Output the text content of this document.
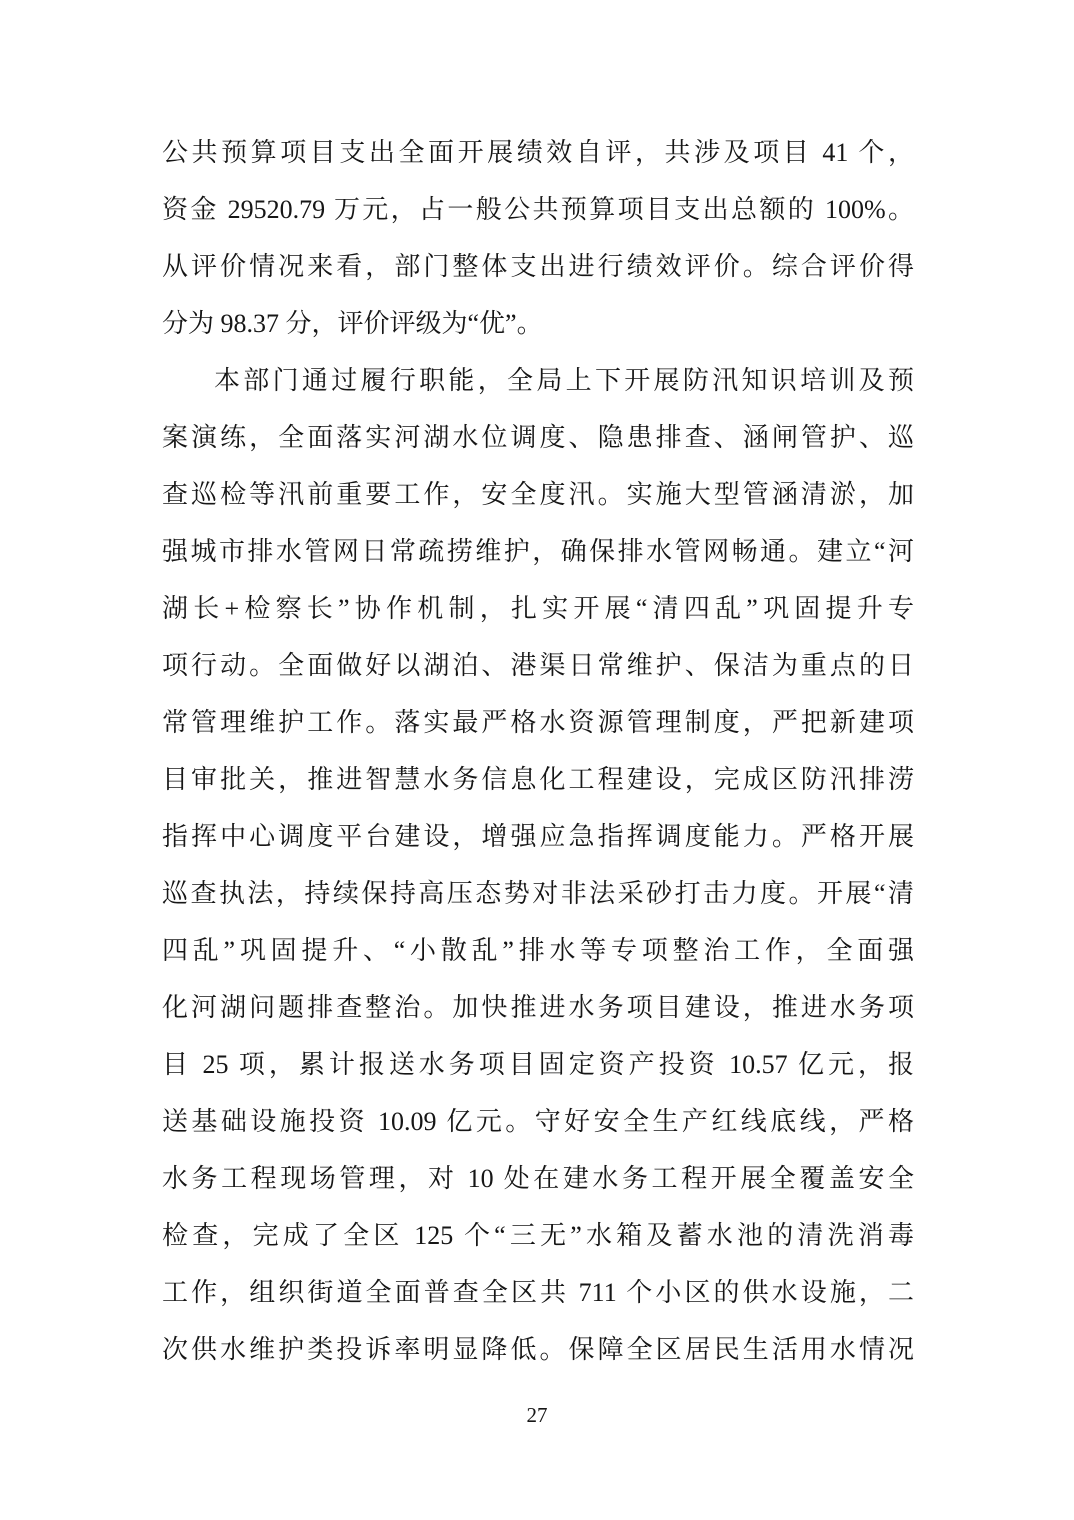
公共预算项目支出全面开展绩效自评，共涉及项目 41 个，
资金 29520.79 万元，占一般公共预算项目支出总额的 100%。
从评价情况来看，部门整体支出进行绩效评价。综合评价得
分为 98.37 分，评价评级为“优”。
本部门通过履行职能，全局上下开展防汛知识培训及预
案演练，全面落实河湖水位调度、隐患排查、涵闸管护、巡
查巡检等汛前重要工作，安全度汛。实施大型管涵清淤，加
强城市排水管网日常疏捞维护，确保排水管网畅通。建立“河
湖长+检察长”协作机制，扎实开展“清四乱”巩固提升专
项行动。全面做好以湖泊、港渠日常维护、保洁为重点的日
常管理维护工作。落实最严格水资源管理制度，严把新建项
目审批关，推进智慧水务信息化工程建设，完成区防汛排涝
指挥中心调度平台建设，增强应急指挥调度能力。严格开展
巡查执法，持续保持高压态势对非法采砂打击力度。开展“清
四乱”巩固提升、“小散乱”排水等专项整治工作，全面强
化河湖问题排查整治。加快推进水务项目建设，推进水务项
目 25 项，累计报送水务项目固定资产投资 10.57 亿元，报
送基础设施投资 10.09 亿元。守好安全生产红线底线，严格
水务工程现场管理，对 10 处在建水务工程开展全覆盖安全
检查，完成了全区 125 个“三无”水箱及蓄水池的清洗消毒
工作，组织街道全面普查全区共 711 个小区的供水设施，二
次供水维护类投诉率明显降低。保障全区居民生活用水情况
27
